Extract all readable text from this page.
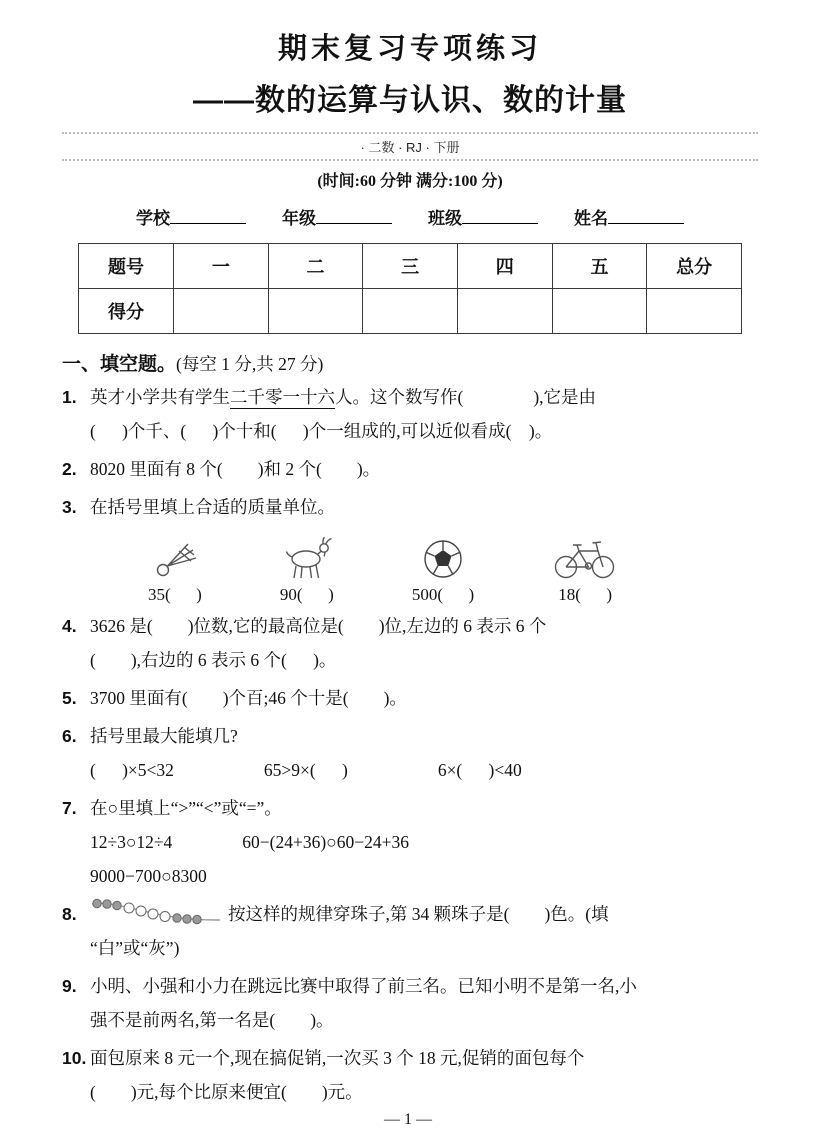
期末复习专项练习
——数的运算与认识、数的计量
· 二数 · RJ · 下册
(时间:60 分钟 满分:100 分)
学校	年级	班级	姓名
题号	一	二	三	四	五	总分
得分						
一、填空题。(每空 1 分,共 27 分)
1. 英才小学共有学生二千零一十六人。这个数写作(                ),它是由
(      )个千、(      )个十和(      )个一组成的,可以近似看成(    )。
2. 8020 里面有 8 个(        )和 2 个(        )。
3. 在括号里填上合适的质量单位。
35(      )	90(      )	500(      )	18(      )
4. 3626 是(        )位数,它的最高位是(        )位,左边的 6 表示 6 个
(        ),右边的 6 表示 6 个(      )。
5. 3700 里面有(        )个百;46 个十是(        )。
6. 括号里最大能填几?
(      )×5<32	65>9×(      )	6×(      )<40
7. 在○里填上“>”“<”或“=”。
12÷3○12÷4	60−(24+36)○60−24+36
9000−700○8300
8.	按这样的规律穿珠子,第 34 颗珠子是(        )色。(填
“白”或“灰”)
9. 小明、小强和小力在跳远比赛中取得了前三名。已知小明不是第一名,小
强不是前两名,第一名是(        )。
10. 面包原来 8 元一个,现在搞促销,一次买 3 个 18 元,促销的面包每个
(        )元,每个比原来便宜(        )元。
— 1 —
